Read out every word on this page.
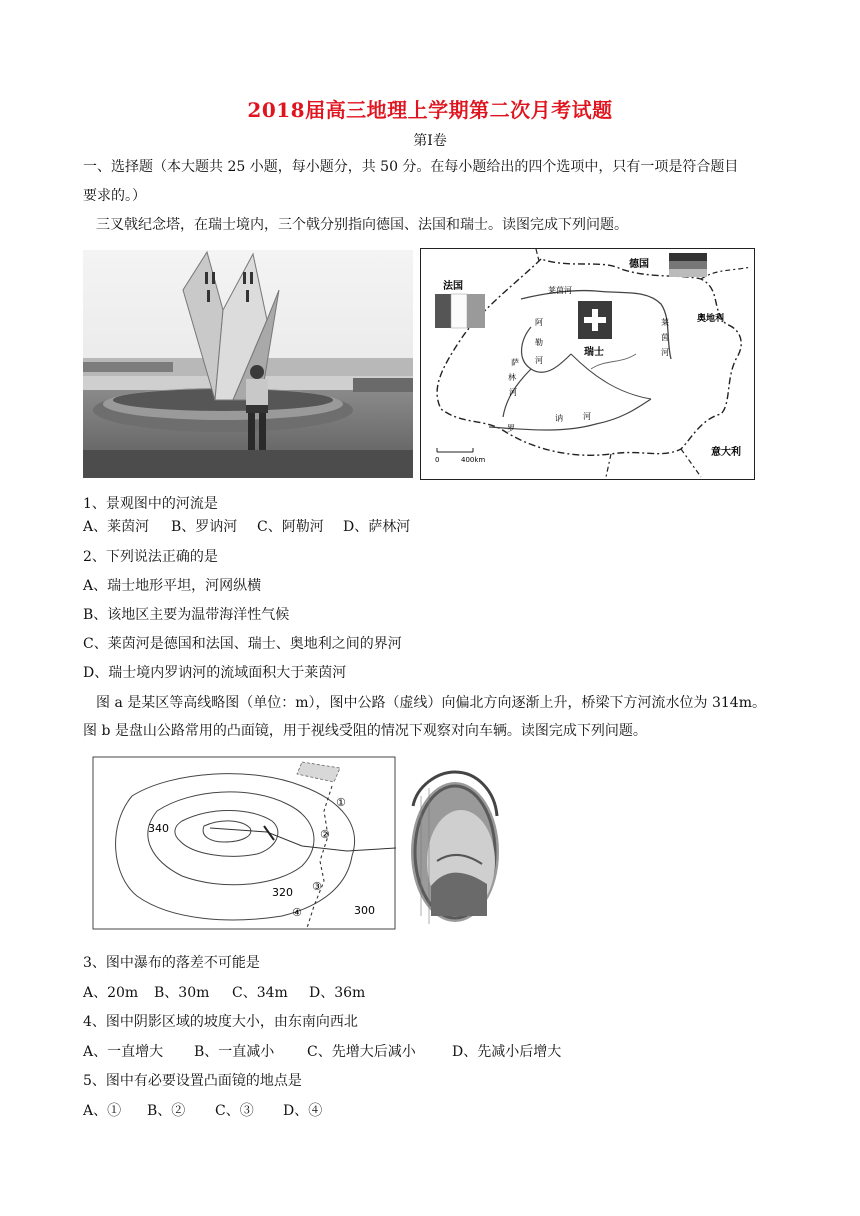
2018届高三地理上学期第二次月考试题
第Ⅰ卷
一、选择题（本大题共 25 小题，每小题分，共 50 分。在每小题给出的四个选项中，只有一项是符合题目
要求的。）
三叉戟纪念塔，在瑞士境内，三个戟分别指向德国、法国和瑞士。读图完成下列问题。
法国
德国
瑞士
奥地利
意大利
莱茵河
莱
茵
河
阿
勒
河
萨
林
河
罗
讷	河
0	400km
1、景观图中的河流是
A、莱茵河 B、罗讷河 C、阿勒河 D、萨林河
2、下列说法正确的是
A、瑞士地形平坦，河网纵横
B、该地区主要为温带海洋性气候
C、莱茵河是德国和法国、瑞士、奥地利之间的界河
D、瑞士境内罗讷河的流域面积大于莱茵河
图 a 是某区等高线略图（单位：m），图中公路（虚线）向偏北方向逐渐上升，桥梁下方河流水位为 314m。
图 b 是盘山公路常用的凸面镜，用于视线受阻的情况下观察对向车辆。读图完成下列问题。
340
320
300
①
②
③
④
3、图中瀑布的落差不可能是
A、20m B、30m C、34m D、36m
4、图中阴影区域的坡度大小，由东南向西北
A、一直增大 B、一直减小 C、先增大后减小	D、先减小后增大
5、图中有必要设置凸面镜的地点是
A、① B、② C、③ D、④
